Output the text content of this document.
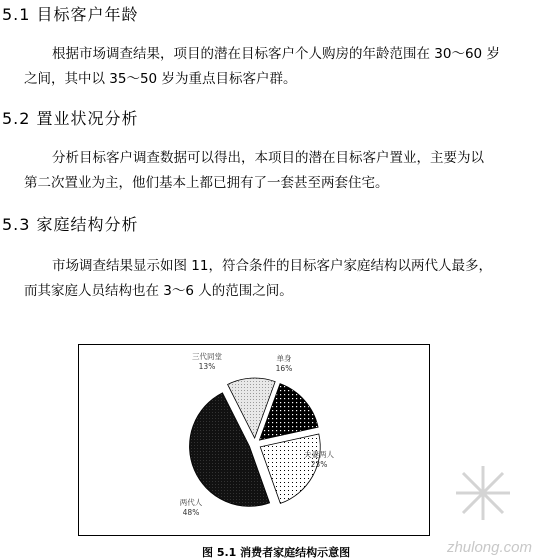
5.1 目标客户年龄

根据市场调查结果，项目的潜在目标客户个人购房的年龄范围在 30～60 岁
之间，其中以 35～50 岁为重点目标客户群。

5.2 置业状况分析

分析目标客户调查数据可以得出，本项目的潜在目标客户置业，主要为以
第二次置业为主，他们基本上都已拥有了一套甚至两套住宅。

5.3 家庭结构分析

市场调查结果显示如图 11，符合条件的目标客户家庭结构以两代人最多，
而其家庭人员结构也在 3～6 人的范围之间。

单身
16%
夫妻两人
23%
两代人
48%
三代同堂
13%

图 5.1 消费者家庭结构示意图	zhulong.com
